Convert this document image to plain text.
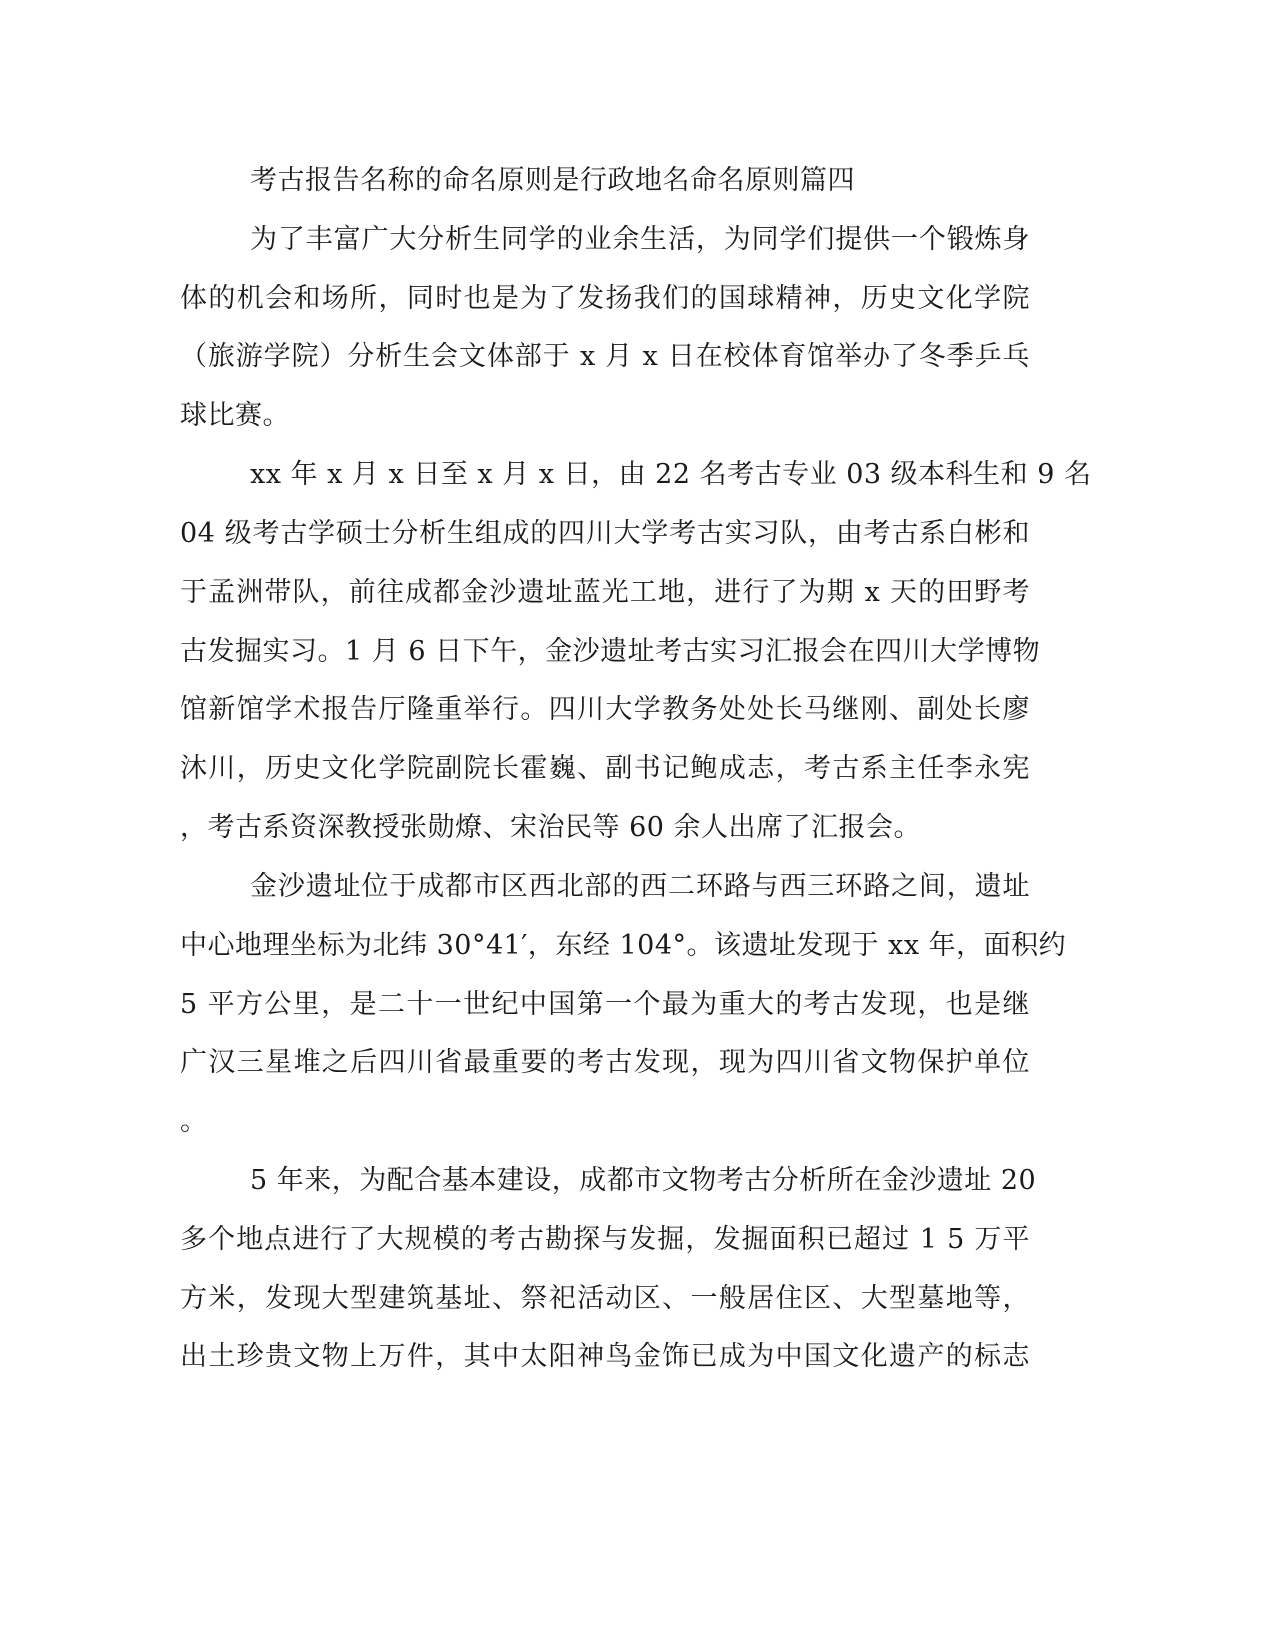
考古报告名称的命名原则是行政地名命名原则篇四
为了丰富广大分析生同学的业余生活，为同学们提供一个锻炼身
体的机会和场所，同时也是为了发扬我们的国球精神，历史文化学院
（旅游学院）分析生会文体部于 x 月 x 日在校体育馆举办了冬季乒乓
球比赛。
xx 年 x 月 x 日至 x 月 x 日，由 22 名考古专业 03 级本科生和 9 名
04 级考古学硕士分析生组成的四川大学考古实习队，由考古系白彬和
于孟洲带队，前往成都金沙遗址蓝光工地，进行了为期 x 天的田野考
古发掘实习。1 月 6 日下午，金沙遗址考古实习汇报会在四川大学博物
馆新馆学术报告厅隆重举行。四川大学教务处处长马继刚、副处长廖
沐川，历史文化学院副院长霍巍、副书记鲍成志，考古系主任李永宪
，考古系资深教授张勋燎、宋治民等 60 余人出席了汇报会。
金沙遗址位于成都市区西北部的西二环路与西三环路之间，遗址
中心地理坐标为北纬 30°41′，东经 104°。该遗址发现于 xx 年，面积约
5 平方公里，是二十一世纪中国第一个最为重大的考古发现，也是继
广汉三星堆之后四川省最重要的考古发现，现为四川省文物保护单位
。
5 年来，为配合基本建设，成都市文物考古分析所在金沙遗址 20
多个地点进行了大规模的考古勘探与发掘，发掘面积已超过 1 5 万平
方米，发现大型建筑基址、祭祀活动区、一般居住区、大型墓地等，
出土珍贵文物上万件，其中太阳神鸟金饰已成为中国文化遗产的标志
